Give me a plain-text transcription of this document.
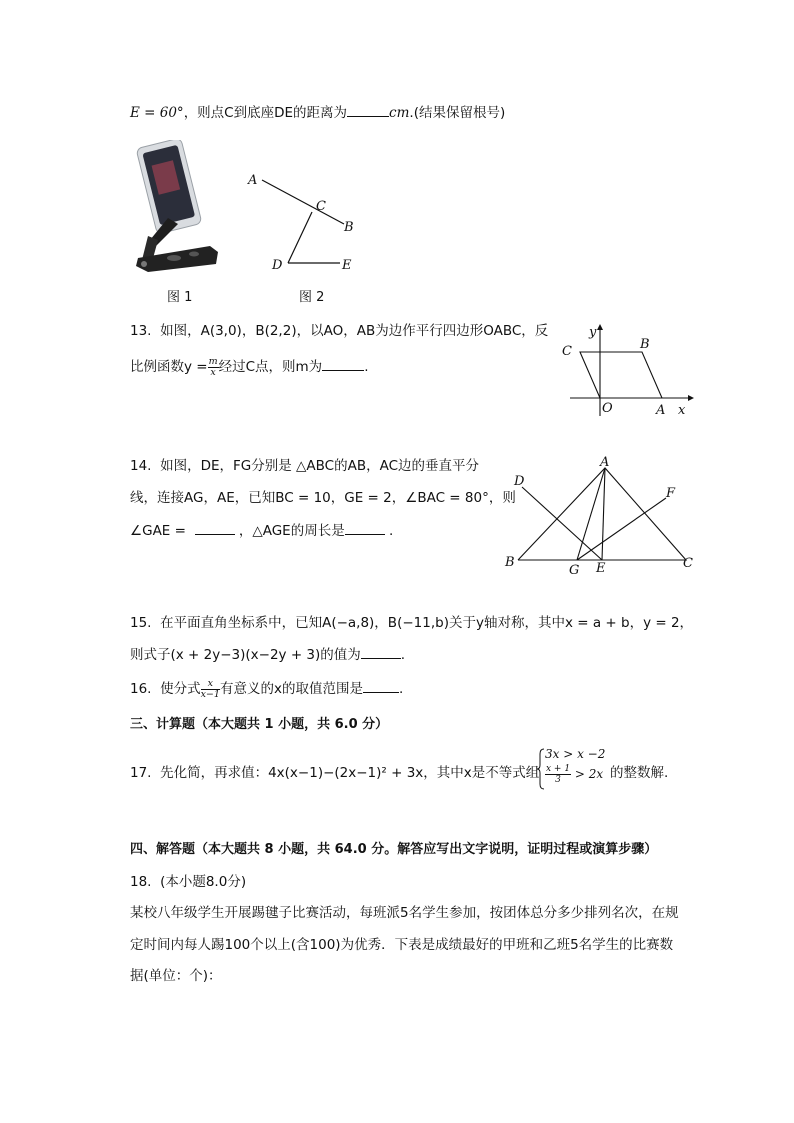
E = 60°，则点C到底座DE的距离为	cm.(结果保留根号)
图 1
A
C
B
D	E
图 2
13. 如图，A(3,0)，B(2,2)，以AO，AB为边作平行四边形OABC，反
比例函数$y = \frac{m}{x}$ 经过C点，则m为	.
y
C	B
O	A x
14. 如图，DE，FG分别是 △ABC的AB，AC边的垂直平分
线，连接AG，AE，已知BC = 10，GE = 2，∠BAC = 80°，则
∠GAE =	，△AGE的周长是	.
A
D
F
B
G E	C
15. 在平面直角坐标系中，已知A(−a,8)，B(−11,b)关于y轴对称，其中x = a + b，y = 2，
则式子(x + 2y−3)(x−2y + 3)的值为	.
16. 使分式 $\frac{x}{x-1}$ 有意义的x的取值范围是	.
三、计算题（本大题共 1 小题，共 6.0 分）
17. 先化简，再求值：4x(x−1)−(2x−1)² + 3x，其中x是不等式组
3x > x −2
$\frac{x + 1}{3} > 2x$ 的整数解.
四、解答题（本大题共 8 小题，共 64.0 分。解答应写出文字说明，证明过程或演算步骤）
18. (本小题8.0分)
某校八年级学生开展踢毽子比赛活动，每班派5名学生参加，按团体总分多少排列名次，在规
定时间内每人踢100个以上(含100)为优秀．下表是成绩最好的甲班和乙班5名学生的比赛数
据(单位：个)：
